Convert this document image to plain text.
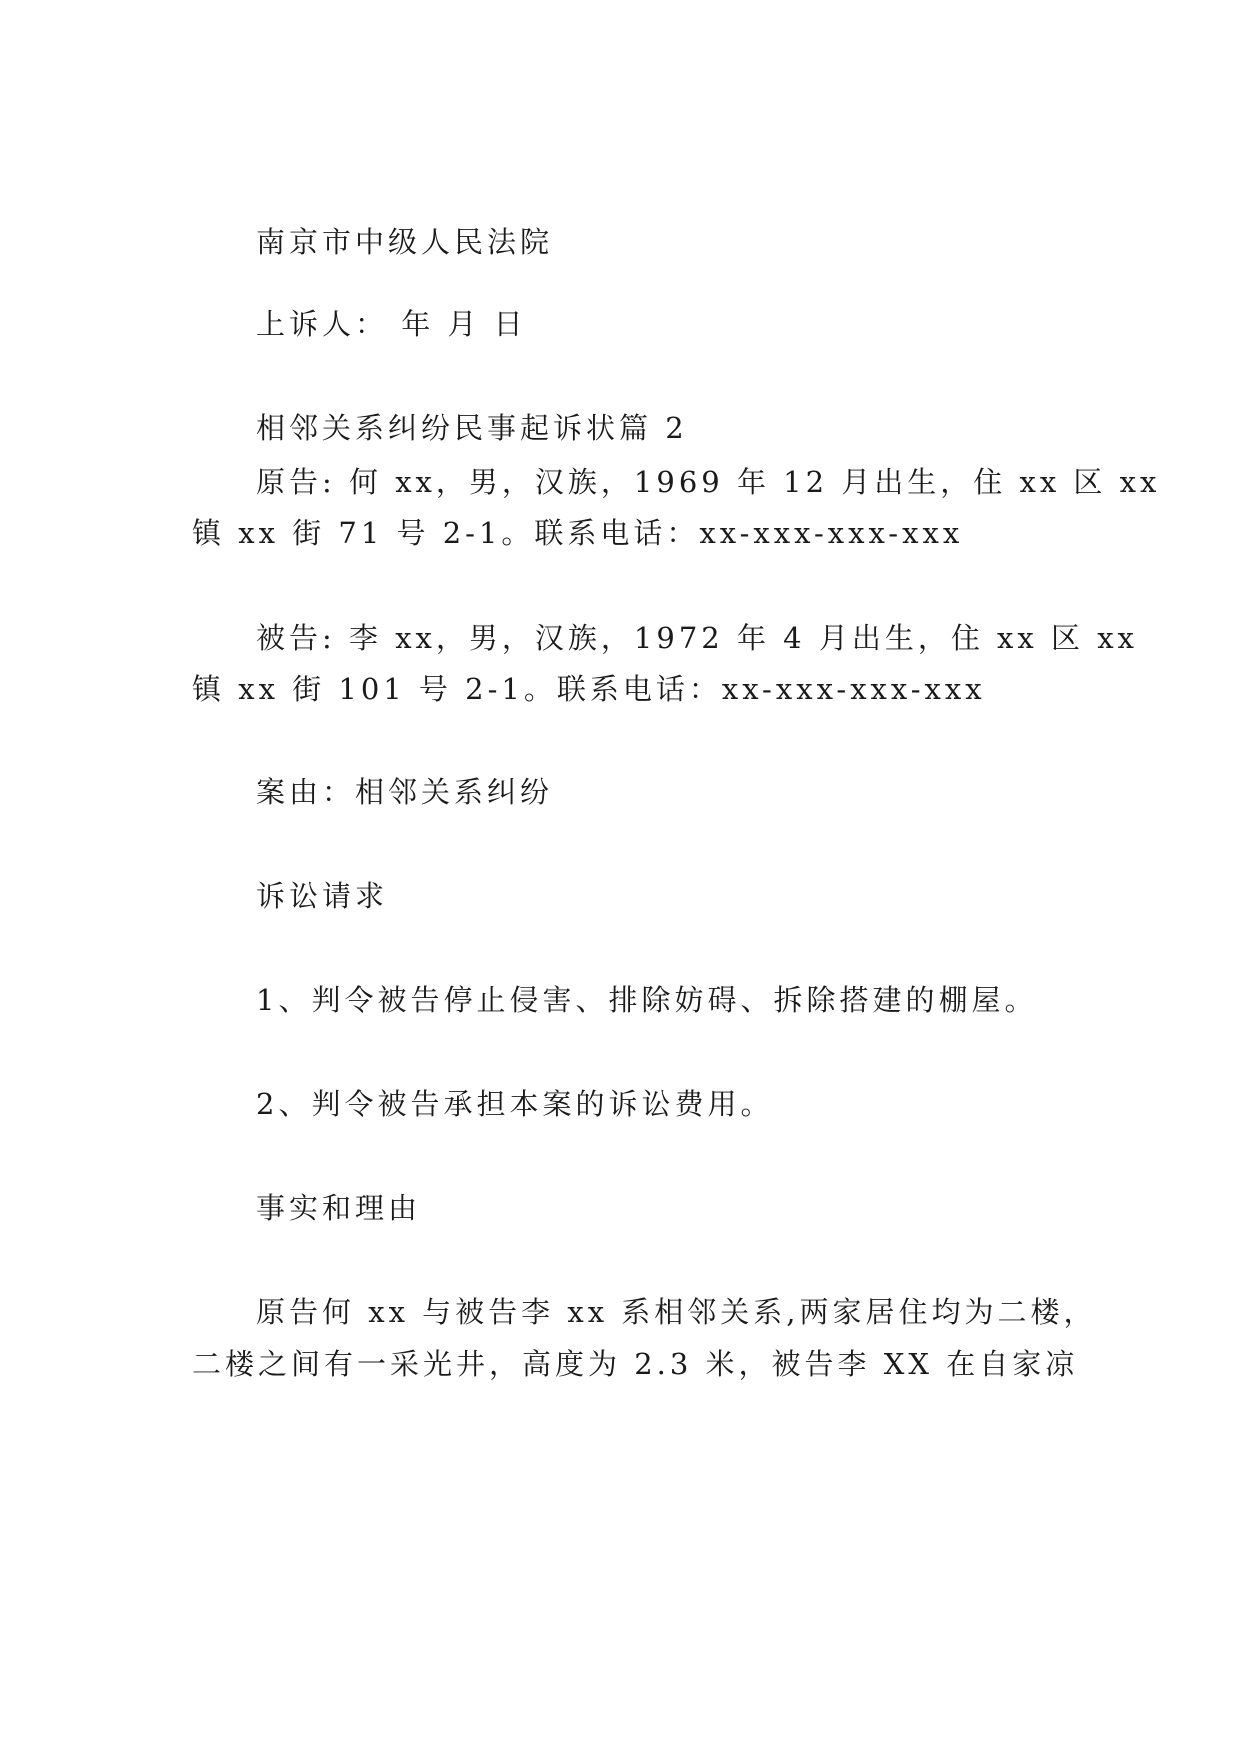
南京市中级人民法院
上诉人： 年 月 日
相邻关系纠纷民事起诉状篇 2
原告: 何 xx，男，汉族，1969 年 12 月出生，住 xx 区 xx
镇 xx 街 71 号 2-1。联系电话：xx-xxx-xxx-xxx
被告: 李 xx，男，汉族，1972 年 4 月出生，住 xx 区 xx
镇 xx 街 101 号 2-1。联系电话：xx-xxx-xxx-xxx
案由：相邻关系纠纷
诉讼请求
1、判令被告停止侵害、排除妨碍、拆除搭建的棚屋。
2、判令被告承担本案的诉讼费用。
事实和理由
原告何 xx 与被告李 xx 系相邻关系,两家居住均为二楼，
二楼之间有一采光井，高度为 2.3 米，被告李 XX 在自家凉
